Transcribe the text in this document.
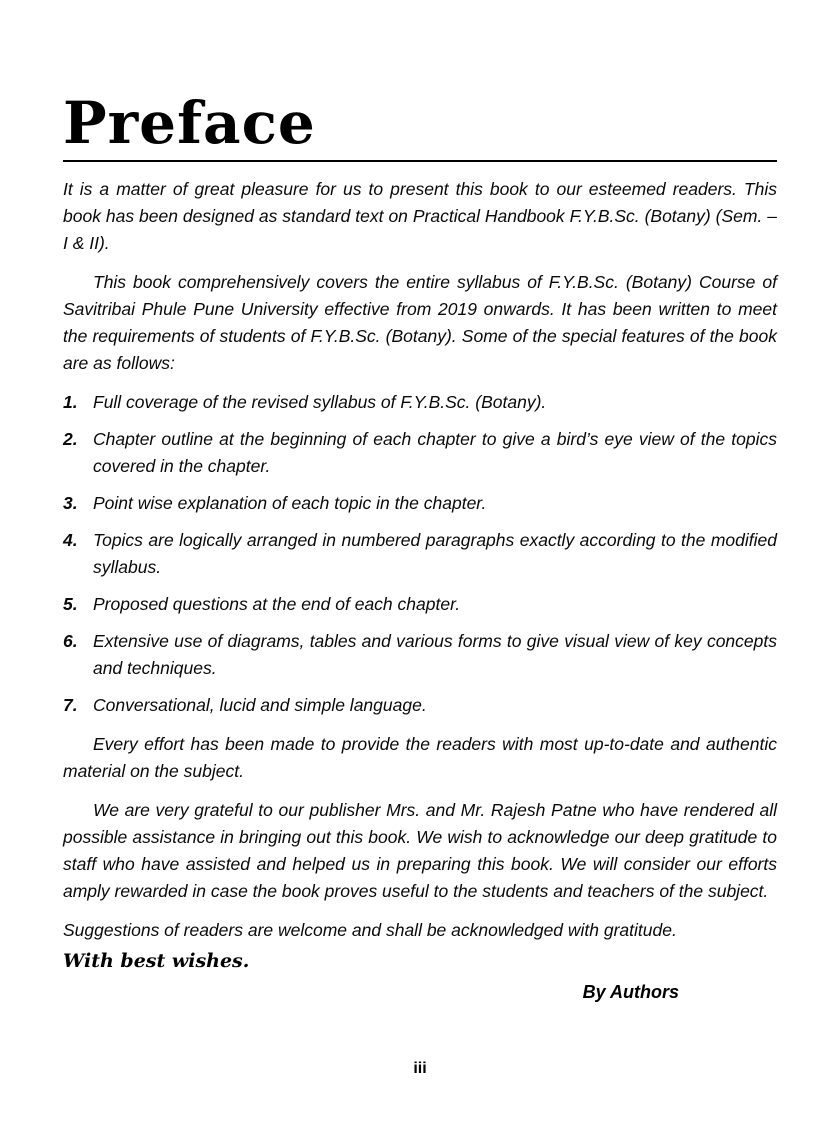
Preface

It is a matter of great pleasure for us to present this book to our esteemed readers. This book has been designed as standard text on Practical Handbook F.Y.B.Sc. (Botany) (Sem. – I & II).

This book comprehensively covers the entire syllabus of F.Y.B.Sc. (Botany) Course of Savitribai Phule Pune University effective from 2019 onwards. It has been written to meet the requirements of students of F.Y.B.Sc. (Botany). Some of the special features of the book are as follows:

1. Full coverage of the revised syllabus of F.Y.B.Sc. (Botany).
2. Chapter outline at the beginning of each chapter to give a bird’s eye view of the topics covered in the chapter.
3. Point wise explanation of each topic in the chapter.
4. Topics are logically arranged in numbered paragraphs exactly according to the modified syllabus.
5. Proposed questions at the end of each chapter.
6. Extensive use of diagrams, tables and various forms to give visual view of key concepts and techniques.
7. Conversational, lucid and simple language.

Every effort has been made to provide the readers with most up-to-date and authentic material on the subject.

We are very grateful to our publisher Mrs. and Mr. Rajesh Patne who have rendered all possible assistance in bringing out this book. We wish to acknowledge our deep gratitude to staff who have assisted and helped us in preparing this book. We will consider our efforts amply rewarded in case the book proves useful to the students and teachers of the subject.

Suggestions of readers are welcome and shall be acknowledged with gratitude.

With best wishes.

By Authors

iii
